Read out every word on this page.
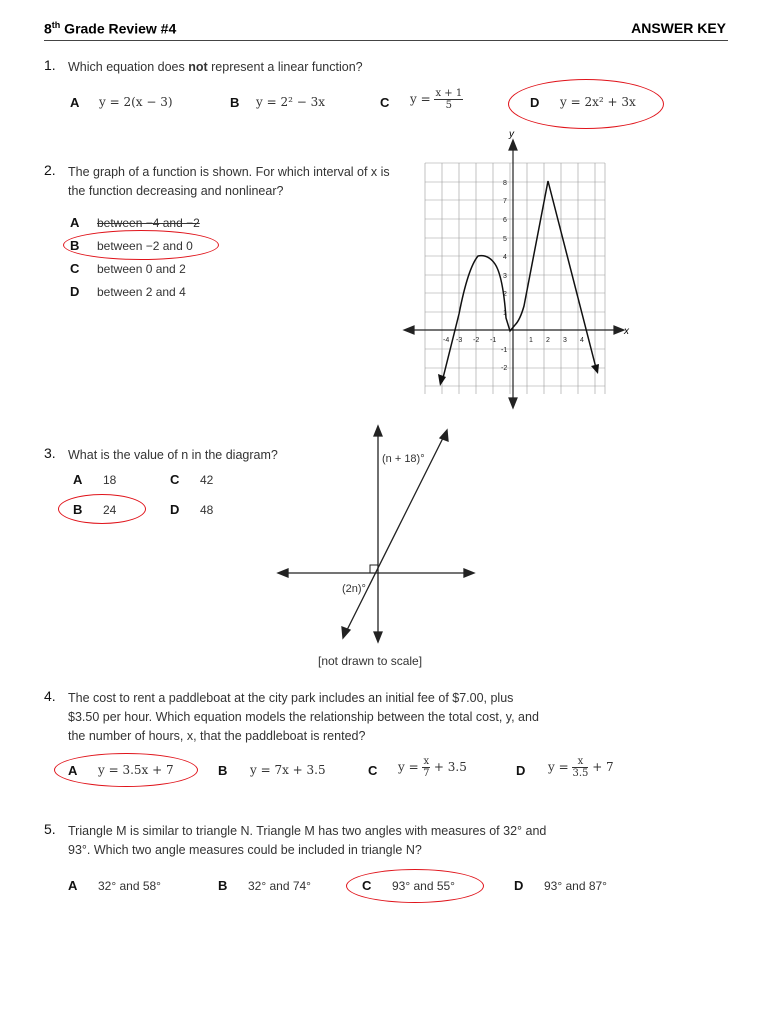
8th Grade Review #4	ANSWER KEY
1. Which equation does not represent a linear function?
A y = 2(x − 3)	B y = 2² − 3x	C $y = \frac{x + 1}{5}$	D y = 2x² + 3x
2. The graph of a function is shown. For which interval of x is
the function decreasing and nonlinear?
A between −4 and −2
B between −2 and 0
C between 0 and 2
D between 2 and 4
x
y
-4 -3 -2 -1	1 2 3 4
8
7
6
5
4
3
2
1
-1
-2
3. What is the value of n in the diagram?
A 18	C 42
B 24	D 48
(n + 18)°
(2n)°
[not drawn to scale]
4. The cost to rent a paddleboat at the city park includes an initial fee of $7.00, plus
$3.50 per hour. Which equation models the relationship between the total cost, y, and
the number of hours, x, that the paddleboat is rented?
A y = 3.5x + 7	B y = 7x + 3.5	C $y = \frac{x}{7} + 3.5$	D $y = \frac{x}{3.5} + 7$
5. Triangle M is similar to triangle N. Triangle M has two angles with measures of 32° and
93°. Which two angle measures could be included in triangle N?
A 32° and 58°	B 32° and 74°	C 93° and 55°	D 93° and 87°
